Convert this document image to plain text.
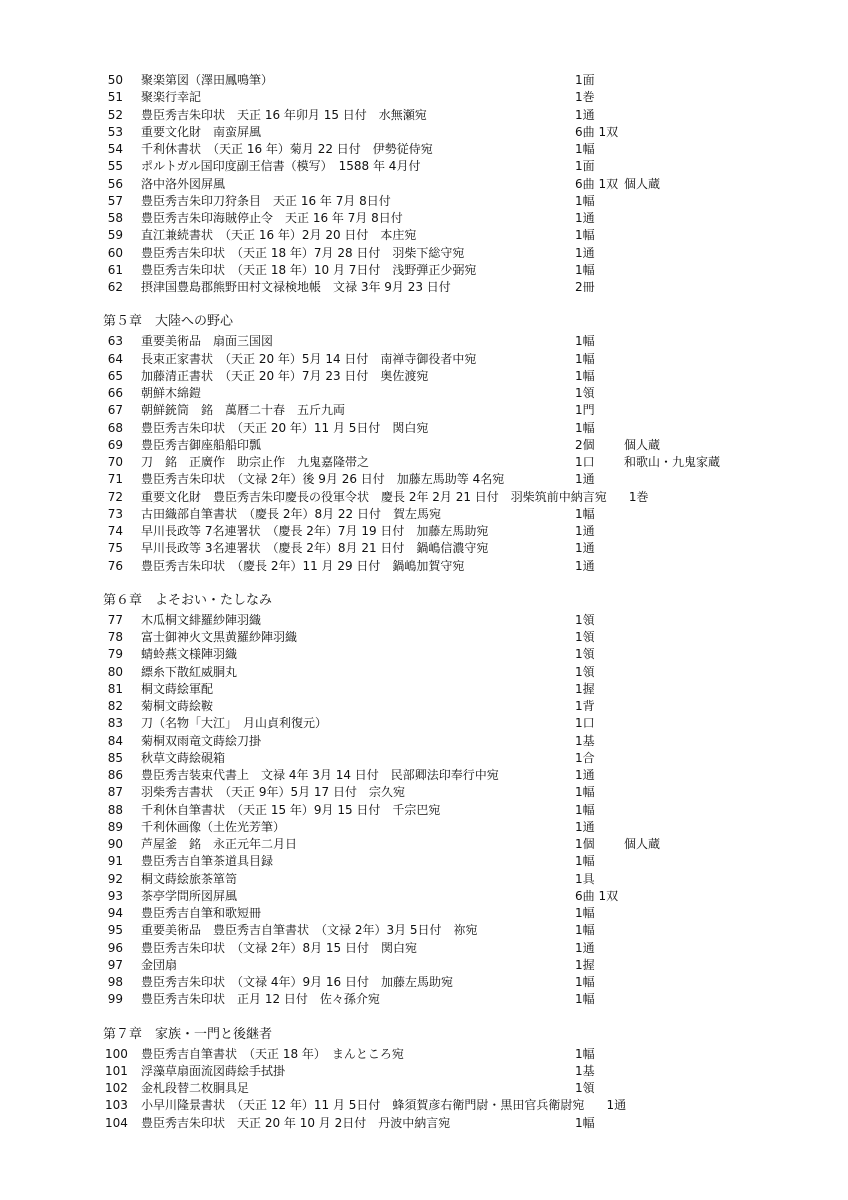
50 聚楽第図（澤田鳳鳴筆）	1面
51 聚楽行幸記	1巻
52 豊臣秀吉朱印状　天正 16 年卯月 15 日付　水無瀬宛	1通
53 重要文化財　南蛮屏風	6曲 1双
54 千利休書状　（天正 16 年）菊月 22 日付　伊勢従侍宛	1幅
55 ポルトガル国印度副王信書（模写）　1588 年 4月付	1面
56 洛中洛外図屏風	6曲 1双 個人蔵
57 豊臣秀吉朱印刀狩条目　天正 16 年 7月 8日付	1幅
58 豊臣秀吉朱印海賊停止令　天正 16 年 7月 8日付	1通
59 直江兼続書状　（天正 16 年）2月 20 日付　本庄宛	1幅
60 豊臣秀吉朱印状　（天正 18 年）7月 28 日付　羽柴下総守宛	1通
61 豊臣秀吉朱印状　（天正 18 年）10 月 7日付　浅野弾正少弼宛	1幅
62 摂津国豊島郡熊野田村文禄検地帳　文禄 3年 9月 23 日付	2冊
第５章　大陸への野心
63 重要美術品　扇面三国図	1幅
64 長束正家書状　（天正 20 年）5月 14 日付　南禅寺御役者中宛	1幅
65 加藤清正書状　（天正 20 年）7月 23 日付　奥佐渡宛	1幅
66 朝鮮木綿鎧	1領
67 朝鮮銃筒　銘　萬暦二十春　五斤九両	1門
68 豊臣秀吉朱印状　（天正 20 年）11 月 5日付　関白宛	1幅
69 豊臣秀吉御座船船印瓢	2個 個人蔵
70 刀　銘　正廣作　助宗止作　九鬼嘉隆帯之	1口 和歌山・九鬼家蔵
71 豊臣秀吉朱印状　（文禄 2年）後 9月 26 日付　加藤左馬助等 4名宛	1通
72 重要文化財　豊臣秀吉朱印慶長の役軍令状　慶長 2年 2月 21 日付　羽柴筑前中納言宛 1巻
73 古田織部自筆書状　（慶長 2年）8月 22 日付　賀左馬宛	1幅
74 早川長政等 7名連署状　（慶長 2年）7月 19 日付　加藤左馬助宛	1通
75 早川長政等 3名連署状　（慶長 2年）8月 21 日付　鍋嶋信濃守宛	1通
76 豊臣秀吉朱印状　（慶長 2年）11 月 29 日付　鍋嶋加賀守宛	1通
第６章　よそおい・たしなみ
77 木瓜桐文緋羅紗陣羽織	1領
78 富士御神火文黒黄羅紗陣羽織	1領
79 蜻蛉燕文様陣羽織	1領
80 縹糸下散紅威胴丸	1領
81 桐文蒔絵軍配	1握
82 菊桐文蒔絵鞍	1背
83 刀（名物「大江」　月山貞利復元）	1口
84 菊桐双雨竜文蒔絵刀掛	1基
85 秋草文蒔絵硯箱	1合
86 豊臣秀吉装束代書上　文禄 4年 3月 14 日付　民部卿法印奉行中宛	1通
87 羽柴秀吉書状　（天正 9年）5月 17 日付　宗久宛	1幅
88 千利休自筆書状　（天正 15 年）9月 15 日付　千宗巴宛	1幅
89 千利休画像（土佐光芳筆）	1通
90 芦屋釜　銘　永正元年二月日	1個 個人蔵
91 豊臣秀吉自筆茶道具目録	1幅
92 桐文蒔絵旅茶箪笥	1具
93 茶亭学問所図屏風	6曲 1双
94 豊臣秀吉自筆和歌短冊	1幅
95 重要美術品　豊臣秀吉自筆書状　（文禄 2年）3月 5日付　祢宛	1幅
96 豊臣秀吉朱印状　（文禄 2年）8月 15 日付　関白宛	1通
97 金団扇	1握
98 豊臣秀吉朱印状　（文禄 4年）9月 16 日付　加藤左馬助宛	1幅
99 豊臣秀吉朱印状　正月 12 日付　佐々孫介宛	1幅
第７章　家族・一門と後継者
100 豊臣秀吉自筆書状　（天正 18 年）　まんところ宛	1幅
101 浮藻草扇面流図蒔絵手拭掛	1基
102 金札段替二枚胴具足	1領
103 小早川隆景書状　（天正 12 年）11 月 5日付　蜂須賀彦右衛門尉・黒田官兵衛尉宛 1通
104 豊臣秀吉朱印状　天正 20 年 10 月 2日付　丹波中納言宛	1幅
